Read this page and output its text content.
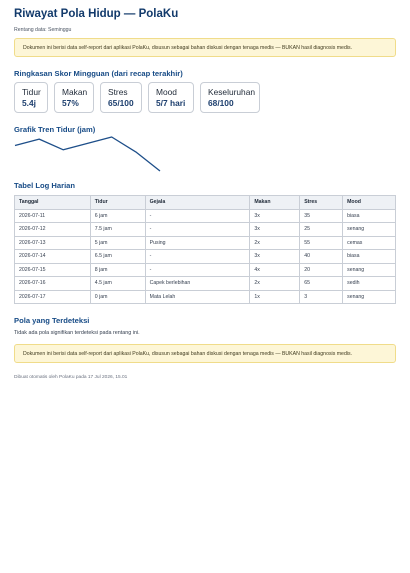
Riwayat Pola Hidup — PolaKu
Rentang data: Seminggu
Dokumen ini berisi data self-report dari aplikasi PolaKu, disusun sebagai bahan diskusi dengan tenaga medis — BUKAN hasil diagnosis medis.
Ringkasan Skor Mingguan (dari recap terakhir)
Tidur
5.4j
Makan
57%
Stres
65/100
Mood
5/7 hari
Keseluruhan
68/100
Grafik Tren Tidur (jam)
Tabel Log Harian
Tanggal	Tidur	Gejala	Makan	Stres	Mood
2026-07-11	6 jam	-	3x	35	biasa
2026-07-12	7.5 jam	-	3x	25	senang
2026-07-13	5 jam	Pusing	2x	55	cemas
2026-07-14	6.5 jam	-	3x	40	biasa
2026-07-15	8 jam	-	4x	20	senang
2026-07-16	4.5 jam	Capek berlebihan	2x	65	sedih
2026-07-17	0 jam	Mata Lelah	1x	3	senang
Pola yang Terdeteksi
Tidak ada pola signifikan terdeteksi pada rentang ini.
Dokumen ini berisi data self-report dari aplikasi PolaKu, disusun sebagai bahan diskusi dengan tenaga medis — BUKAN hasil diagnosis medis.
Dibuat otomatis oleh PolaKu pada 17 Jul 2026, 15.01
